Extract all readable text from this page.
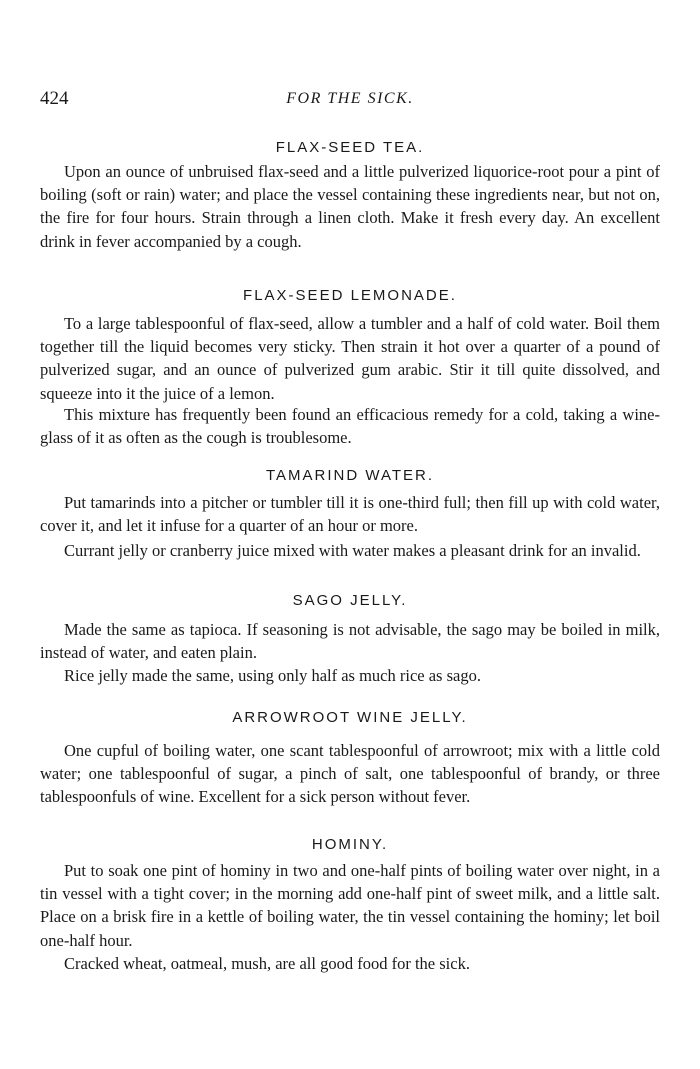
424	FOR THE SICK.
FLAX-SEED TEA.

Upon an ounce of unbruised flax-seed and a little pulverized liquorice-root pour a pint of boiling (soft or rain) water; and place the vessel containing these ingredients near, but not on, the fire for four hours. Strain through a linen cloth. Make it fresh every day. An excellent drink in fever accompanied by a cough.

FLAX-SEED LEMONADE.

To a large tablespoonful of flax-seed, allow a tumbler and a half of cold water. Boil them together till the liquid becomes very sticky. Then strain it hot over a quarter of a pound of pulverized sugar, and an ounce of pulverized gum arabic. Stir it till quite dissolved, and squeeze into it the juice of a lemon.

This mixture has frequently been found an efficacious remedy for a cold, taking a wine-glass of it as often as the cough is troublesome.

TAMARIND WATER.

Put tamarinds into a pitcher or tumbler till it is one-third full; then fill up with cold water, cover it, and let it infuse for a quarter of an hour or more.

Currant jelly or cranberry juice mixed with water makes a pleasant drink for an invalid.

SAGO JELLY.

Made the same as tapioca. If seasoning is not advisable, the sago may be boiled in milk, instead of water, and eaten plain.

Rice jelly made the same, using only half as much rice as sago.

ARROWROOT WINE JELLY.

One cupful of boiling water, one scant tablespoonful of arrowroot; mix with a little cold water; one tablespoonful of sugar, a pinch of salt, one tablespoonful of brandy, or three tablespoonfuls of wine. Excellent for a sick person without fever.

HOMINY.

Put to soak one pint of hominy in two and one-half pints of boiling water over night, in a tin vessel with a tight cover; in the morning add one-half pint of sweet milk, and a little salt. Place on a brisk fire in a kettle of boiling water, the tin vessel containing the hominy; let boil one-half hour.

Cracked wheat, oatmeal, mush, are all good food for the sick.
